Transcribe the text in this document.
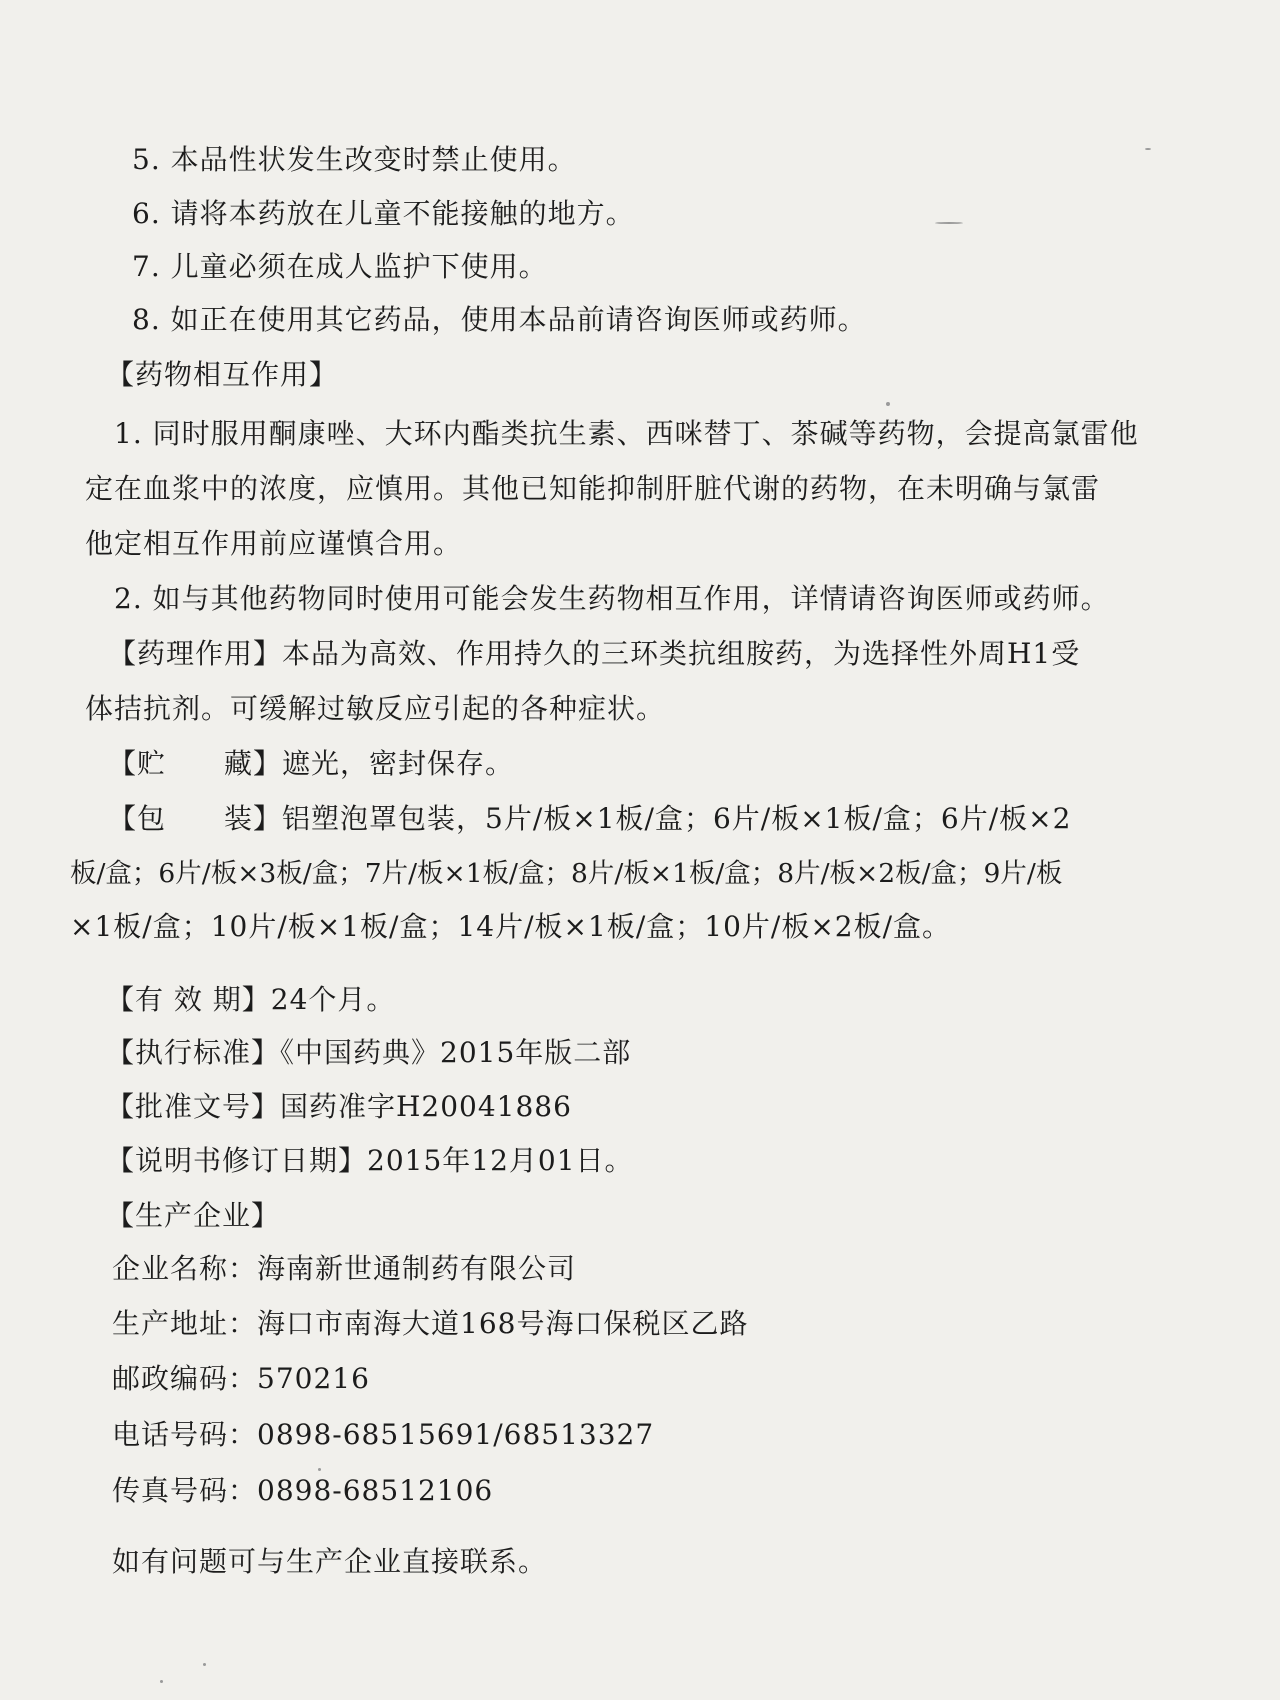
5. 本品性状发生改变时禁止使用。
6. 请将本药放在儿童不能接触的地方。
7. 儿童必须在成人监护下使用。
8. 如正在使用其它药品，使用本品前请咨询医师或药师。
【药物相互作用】
1. 同时服用酮康唑、大环内酯类抗生素、西咪替丁、茶碱等药物，会提高氯雷他
定在血浆中的浓度，应慎用。其他已知能抑制肝脏代谢的药物，在未明确与氯雷
他定相互作用前应谨慎合用。
2. 如与其他药物同时使用可能会发生药物相互作用，详情请咨询医师或药师。
【药理作用】本品为高效、作用持久的三环类抗组胺药，为选择性外周H1受
体拮抗剂。可缓解过敏反应引起的各种症状。
【贮　　藏】遮光，密封保存。
【包　　装】铝塑泡罩包装，5片/板×1板/盒；6片/板×1板/盒；6片/板×2
板/盒；6片/板×3板/盒；7片/板×1板/盒；8片/板×1板/盒；8片/板×2板/盒；9片/板
×1板/盒；10片/板×1板/盒；14片/板×1板/盒；10片/板×2板/盒。
【有 效 期】24个月。
【执行标准】《中国药典》2015年版二部
【批准文号】国药准字H20041886
【说明书修订日期】2015年12月01日。
【生产企业】
企业名称：海南新世通制药有限公司
生产地址：海口市南海大道168号海口保税区乙路
邮政编码：570216
电话号码：0898-68515691/68513327
传真号码：0898-68512106
如有问题可与生产企业直接联系。
